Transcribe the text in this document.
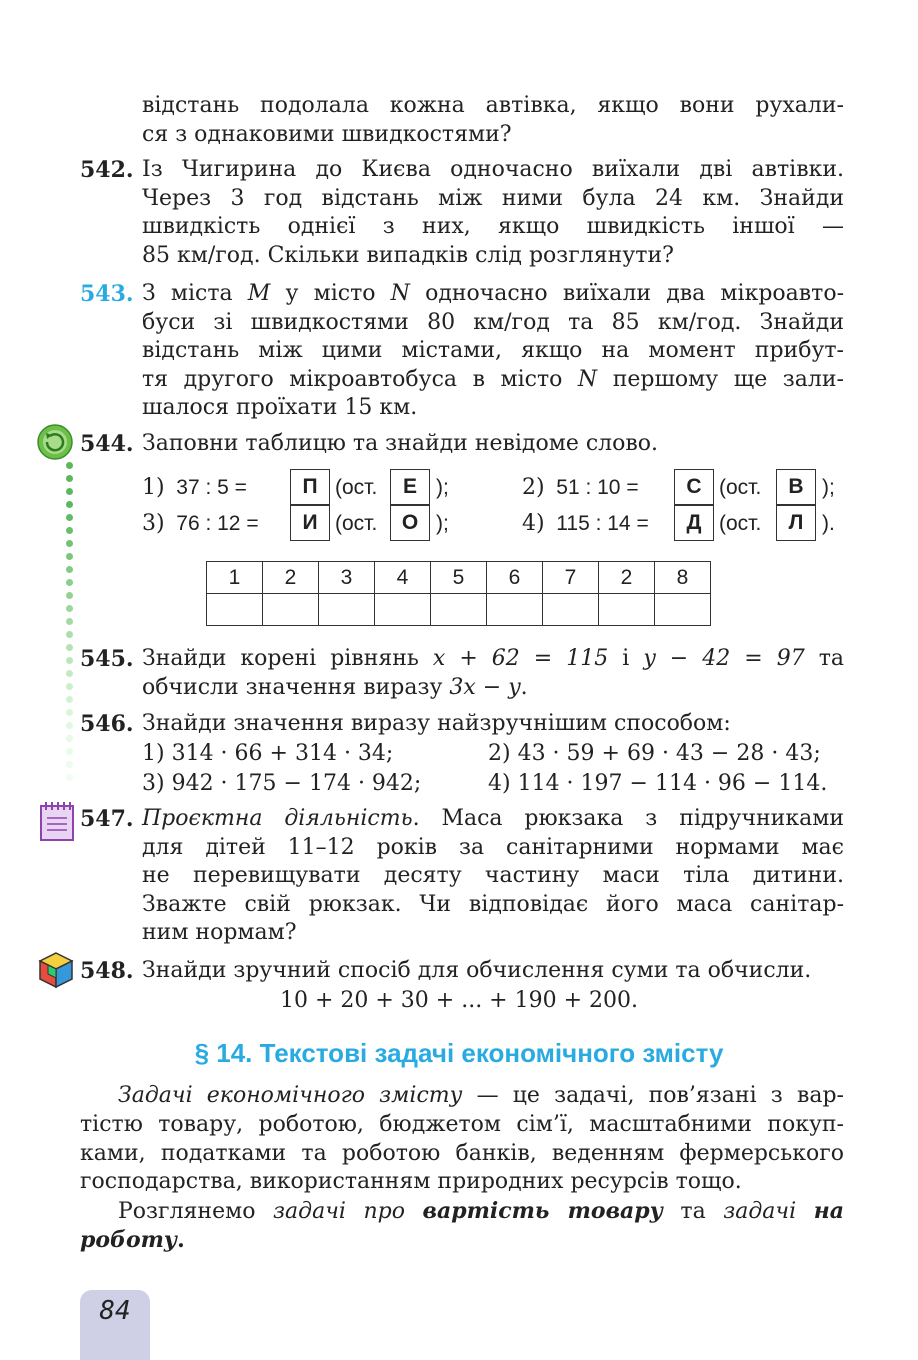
відстань подолала кожна автівка, якщо вони рухали-
ся з однаковими швидкостями?
542. Із Чигирина до Києва одночасно виїхали дві автівки.
Через 3 год відстань між ними була 24 км. Знайди
швидкість однієї з них, якщо швидкість іншої —
85 км/год. Скільки випадків слід розглянути?
543. З міста M у місто N одночасно виїхали два мікроавто-
буси зі швидкостями 80 км/год та 85 км/год. Знайди
відстань між цими містами, якщо на момент прибут-
тя другого мікроавтобуса в місто N першому ще зали-
шалося проїхати 15 км.
544. Заповни таблицю та знайди невідоме слово.
1) 37 : 5 =	П (ост.	Е );	2) 51 : 10 =	С (ост.	В );
3) 76 : 12 =	И (ост.	О );	4) 115 : 14 =	Д (ост.	Л ).
1	2	3	4	5	6	7	2	8

545. Знайди корені рівнянь x + 62 = 115 і y − 42 = 97 та
обчисли значення виразу 3x − y.
546. Знайди значення виразу найзручнішим способом:
1) 314 · 66 + 314 · 34;	2) 43 · 59 + 69 · 43 − 28 · 43;
3) 942 · 175 − 174 · 942;	4) 114 · 197 − 114 · 96 − 114.
547. Проєктна діяльність. Маса рюкзака з підручниками
для дітей 11–12 років за санітарними нормами має
не перевищувати десяту частину маси тіла дитини.
Зважте свій рюкзак. Чи відповідає його маса санітар-
ним нормам?
548. Знайди зручний спосіб для обчислення суми та обчисли.
10 + 20 + 30 + ... + 190 + 200.
§ 14. Текстові задачі економічного змісту
Задачі економічного змісту — це задачі, пов’язані з вар-
тістю товару, роботою, бюджетом сім’ї, масштабними покуп-
ками, податками та роботою банків, веденням фермерського
господарства, використанням природних ресурсів тощо.
Розглянемо задачі про вартість товару та задачі на
роботу.
84
